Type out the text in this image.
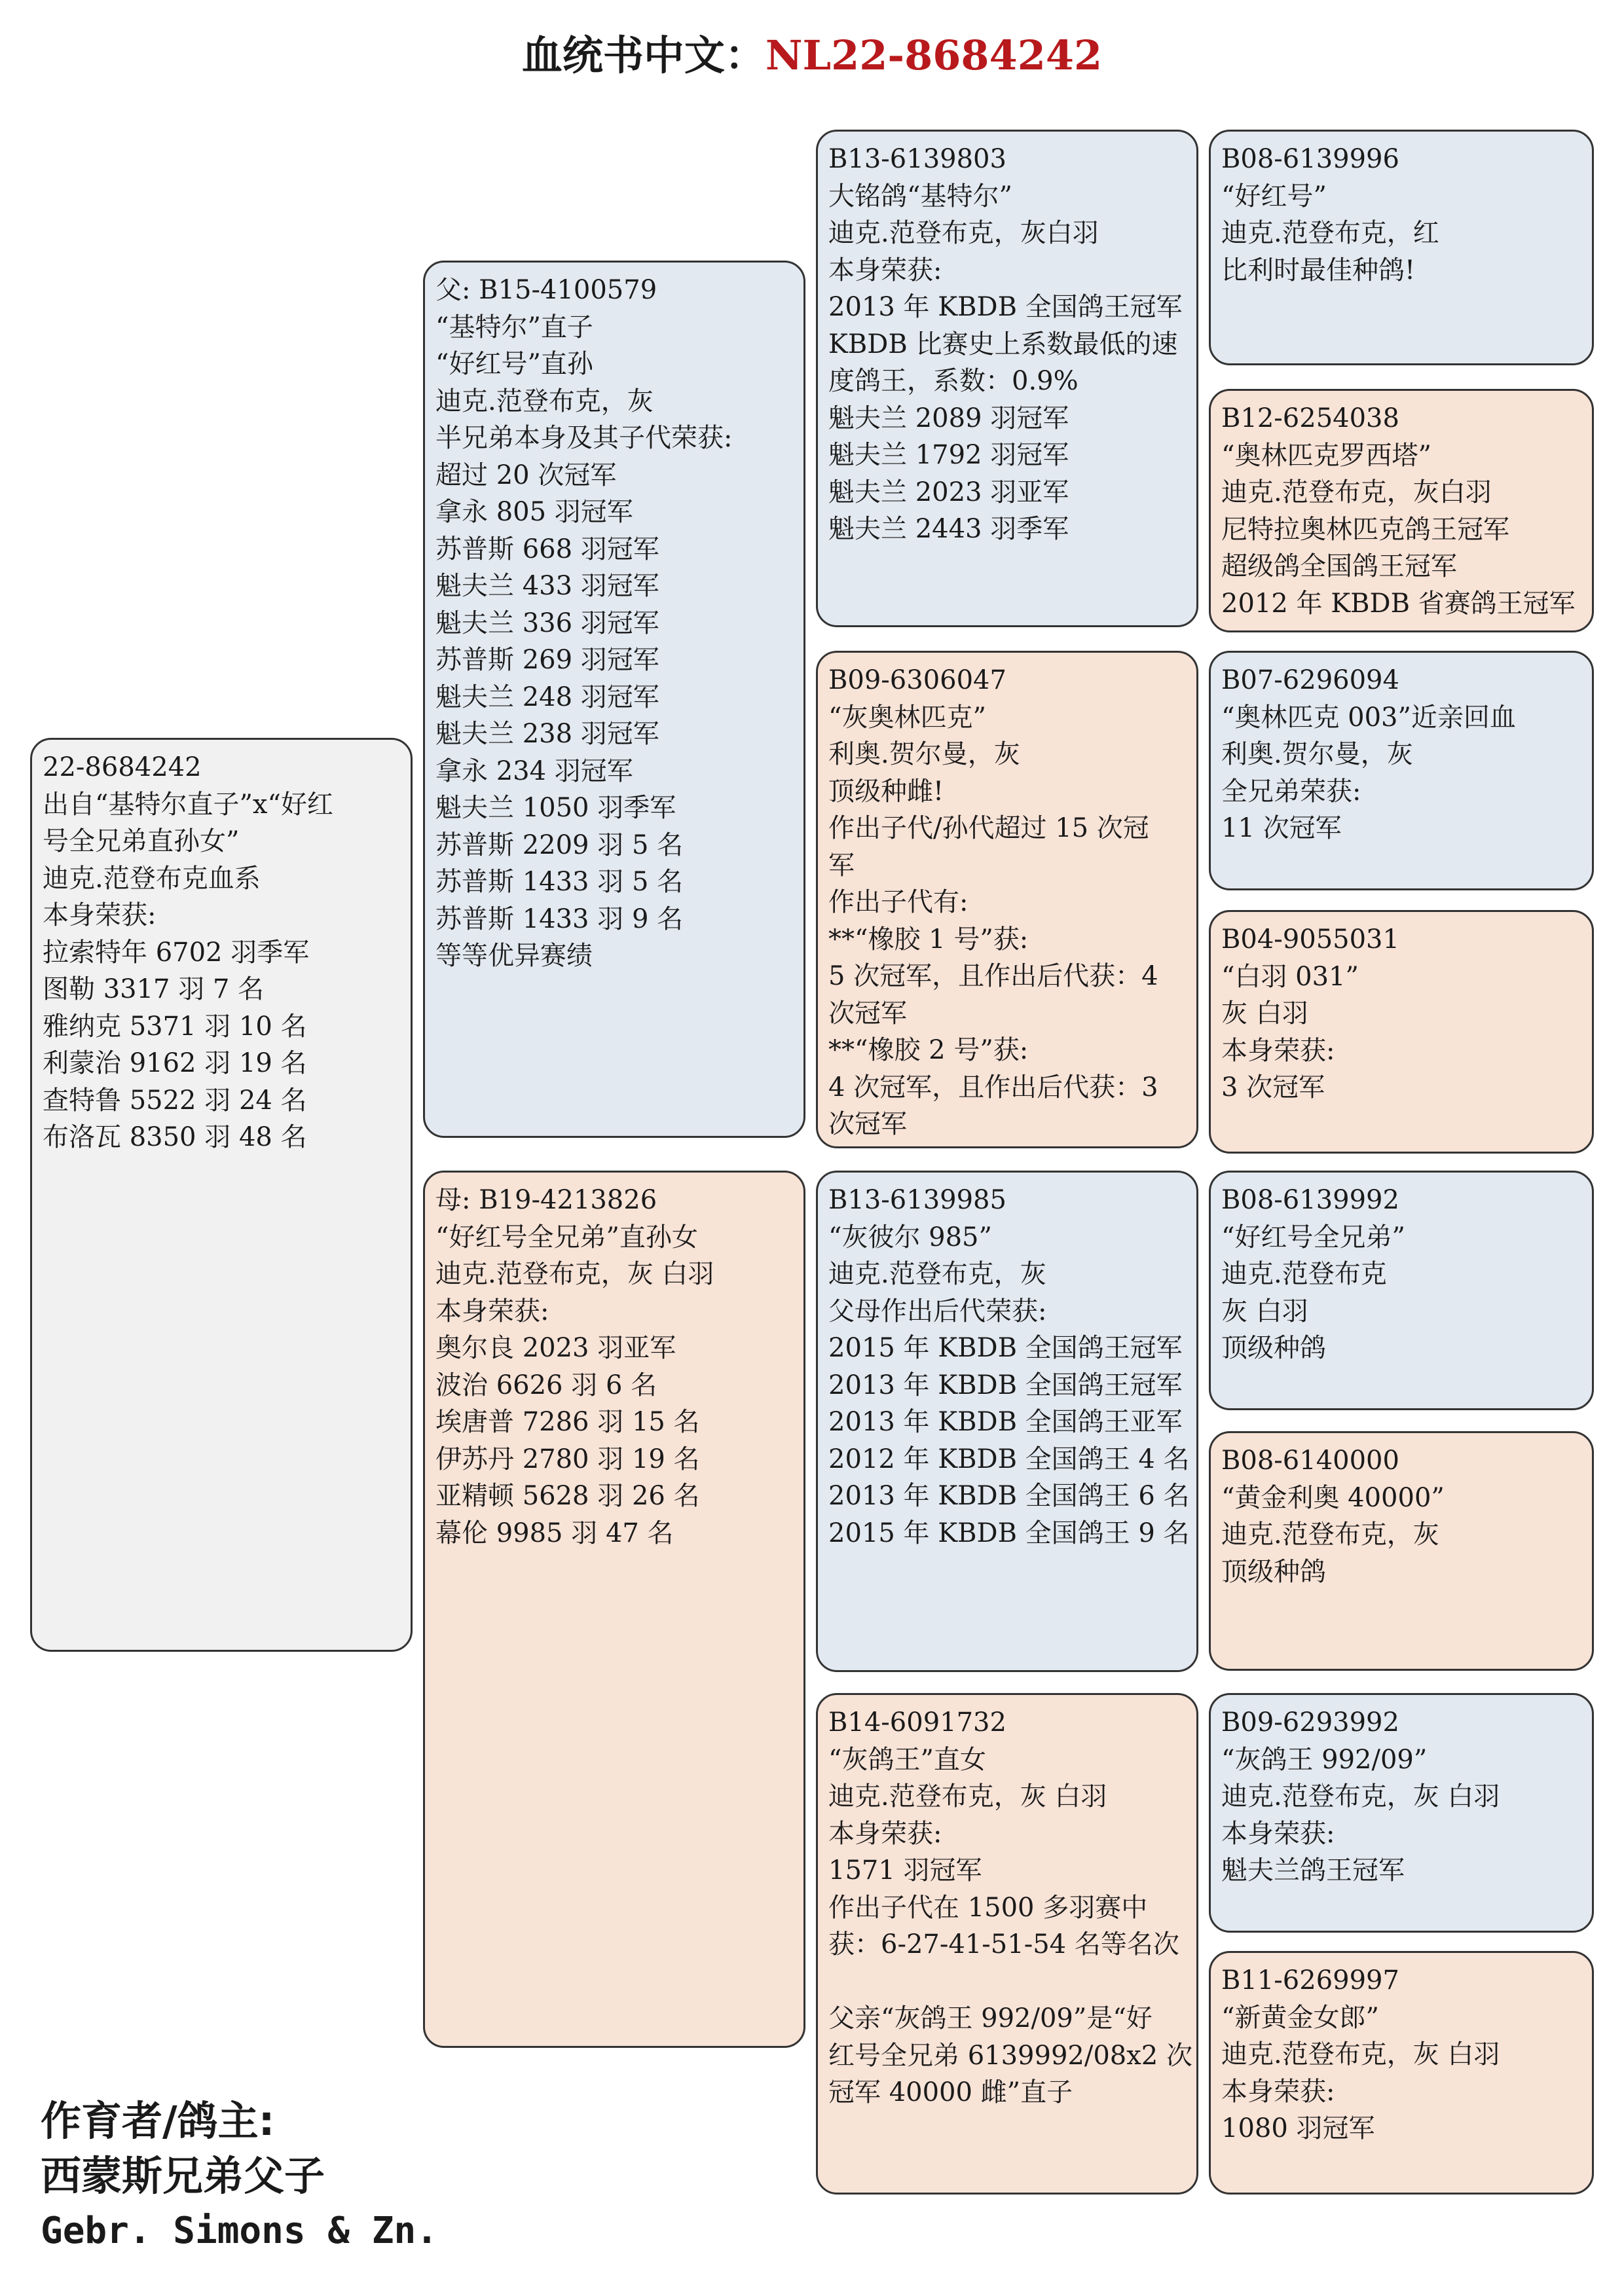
血统书中文：NL22-8684242
22-8684242
出自“基特尔直子”x“好红
号全兄弟直孙女”
迪克.范登布克血系
本身荣获:
拉索特年 6702 羽季军
图勒 3317 羽 7 名
雅纳克 5371 羽 10 名
利蒙治 9162 羽 19 名
查特鲁 5522 羽 24 名
布洛瓦 8350 羽 48 名
父: B15-4100579
“基特尔”直子
“好红号”直孙
迪克.范登布克，灰
半兄弟本身及其子代荣获:
超过 20 次冠军
拿永 805 羽冠军
苏普斯 668 羽冠军
魁夫兰 433 羽冠军
魁夫兰 336 羽冠军
苏普斯 269 羽冠军
魁夫兰 248 羽冠军
魁夫兰 238 羽冠军
拿永 234 羽冠军
魁夫兰 1050 羽季军
苏普斯 2209 羽 5 名
苏普斯 1433 羽 5 名
苏普斯 1433 羽 9 名
等等优异赛绩
母: B19-4213826
“好红号全兄弟”直孙女
迪克.范登布克，灰 白羽
本身荣获:
奥尔良 2023 羽亚军
波治 6626 羽 6 名
埃唐普 7286 羽 15 名
伊苏丹 2780 羽 19 名
亚精顿 5628 羽 26 名
幕伦 9985 羽 47 名
B13-6139803
大铭鸽“基特尔”
迪克.范登布克，灰白羽
本身荣获:
2013 年 KBDB 全国鸽王冠军
KBDB 比赛史上系数最低的速
度鸽王，系数：0.9%
魁夫兰 2089 羽冠军
魁夫兰 1792 羽冠军
魁夫兰 2023 羽亚军
魁夫兰 2443 羽季军
B09-6306047
“灰奥林匹克”
利奥.贺尔曼，灰
顶级种雌!
作出子代/孙代超过 15 次冠
军
作出子代有:
**“橡胶 1 号”获:
5 次冠军，且作出后代获：4
次冠军
**“橡胶 2 号”获:
4 次冠军，且作出后代获：3
次冠军
B13-6139985
“灰彼尔 985”
迪克.范登布克，灰
父母作出后代荣获:
2015 年 KBDB 全国鸽王冠军
2013 年 KBDB 全国鸽王冠军
2013 年 KBDB 全国鸽王亚军
2012 年 KBDB 全国鸽王 4 名
2013 年 KBDB 全国鸽王 6 名
2015 年 KBDB 全国鸽王 9 名
B14-6091732
“灰鸽王”直女
迪克.范登布克，灰 白羽
本身荣获:
1571 羽冠军
作出子代在 1500 多羽赛中
获：6-27-41-51-54 名等名次
父亲“灰鸽王 992/09”是“好
红号全兄弟 6139992/08x2 次
冠军 40000 雌”直子
B08-6139996
“好红号”
迪克.范登布克，红
比利时最佳种鸽!
B12-6254038
“奥林匹克罗西塔”
迪克.范登布克，灰白羽
尼特拉奥林匹克鸽王冠军
超级鸽全国鸽王冠军
2012 年 KBDB 省赛鸽王冠军
B07-6296094
“奥林匹克 003”近亲回血
利奥.贺尔曼，灰
全兄弟荣获:
11 次冠军
B04-9055031
“白羽 031”
灰 白羽
本身荣获:
3 次冠军
B08-6139992
“好红号全兄弟”
迪克.范登布克
灰 白羽
顶级种鸽
B08-6140000
“黄金利奥 40000”
迪克.范登布克，灰
顶级种鸽
B09-6293992
“灰鸽王 992/09”
迪克.范登布克，灰 白羽
本身荣获:
魁夫兰鸽王冠军
B11-6269997
“新黄金女郎”
迪克.范登布克，灰 白羽
本身荣获:
1080 羽冠军
作育者/鸽主:
西蒙斯兄弟父子
Gebr. Simons & Zn.
